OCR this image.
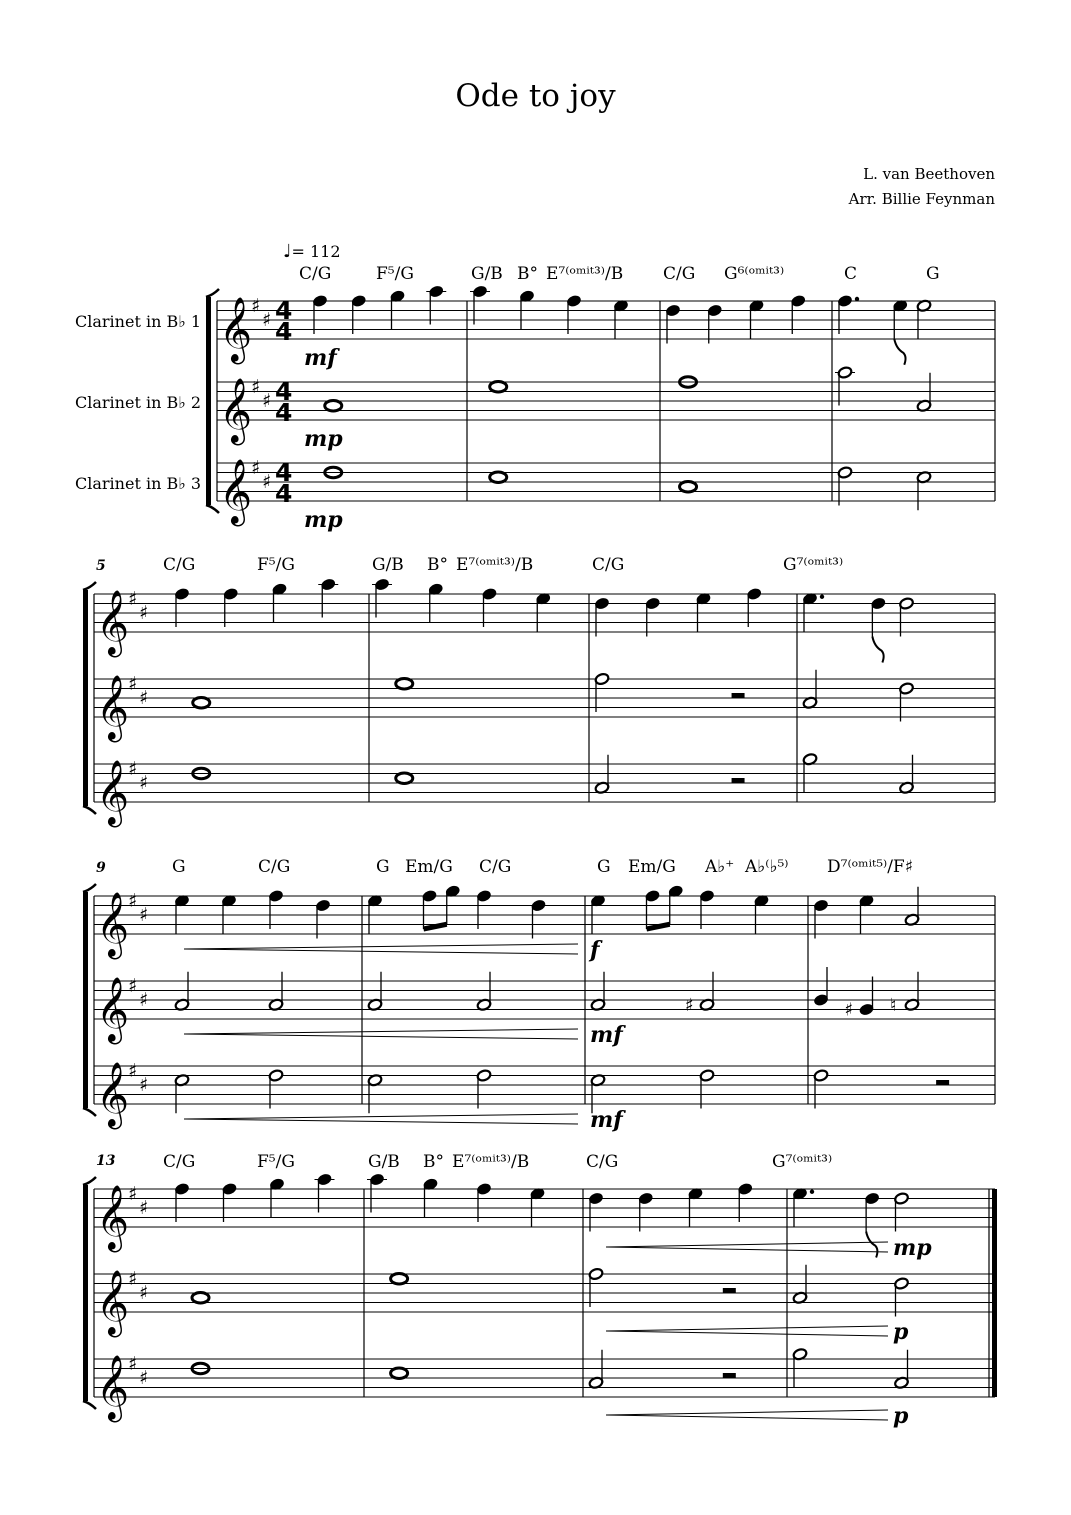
Ode to joy
L. van Beethoven
Arr. Billie Feynman
♩= 112
𝄞
♯
♯
𝄞
♯
♯
𝄞
♯
♯
4
4
4
4
4
4
C/G	F⁵/G	G/B B° E⁷⁽ᵒᵐⁱᵗ³⁾/B C/G G⁶⁽ᵒᵐⁱᵗ³⁾	C	G
𝄞
♯
♯
𝄞
♯
♯
𝄞
♯
♯
5	C/G	F⁵/G	G/B B° E⁷⁽ᵒᵐⁱᵗ³⁾/B	C/G	G⁷⁽ᵒᵐⁱᵗ³⁾
𝄞
♯
♯
𝄞
♯
♯
𝄞
♯
♯
♯	♯ ♮
9	G	C/G	G Em/G C/G	G Em/G A♭⁺ A♭⁽♭⁵⁾ D⁷⁽ᵒᵐⁱᵗ⁵⁾/F♯
𝄞
♯
♯
𝄞
♯
♯
𝄞
♯
♯
13	C/G	F⁵/G	G/B B° E⁷⁽ᵒᵐⁱᵗ³⁾/B	C/G	G⁷⁽ᵒᵐⁱᵗ³⁾
mf
mp
mp
f
mf
mf
mp
p
p
Clarinet in B♭ 1
Clarinet in B♭ 2
Clarinet in B♭ 3
